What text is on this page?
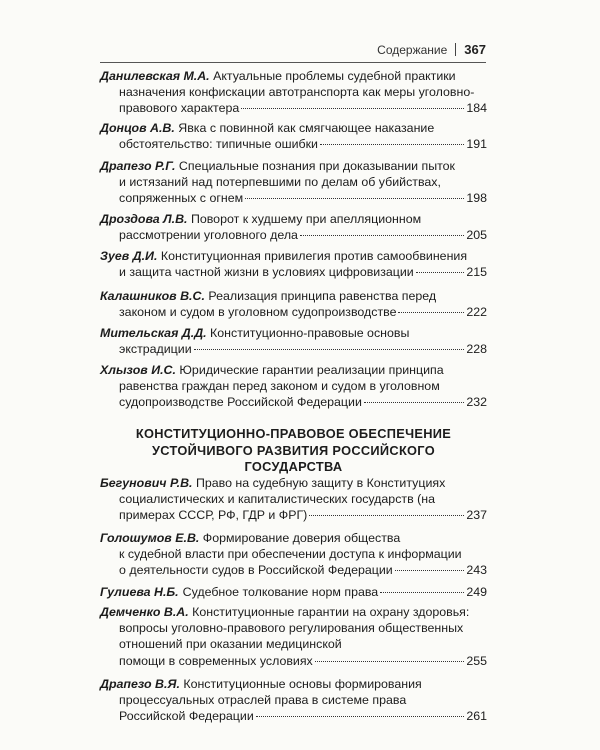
Содержание 367
Данилевская М.А. Актуальные проблемы судебной практики
назначения конфискации автотранспорта как меры уголовно-
правового характера	184
Донцов А.В. Явка с повинной как смягчающее наказание
обстоятельство: типичные ошибки	191
Драпезо Р.Г. Специальные познания при доказывании пыток
и истязаний над потерпевшими по делам об убийствах,
сопряженных с огнем	198
Дроздова Л.В. Поворот к худшему при апелляционном
рассмотрении уголовного дела	205
Зуев Д.И. Конституционная привилегия против самообвинения
и защита частной жизни в условиях цифровизации	215
Калашников В.С. Реализация принципа равенства перед
законом и судом в уголовном судопроизводстве	222
Мительская Д.Д. Конституционно-правовые основы
экстрадиции	228
Хлызов И.С. Юридические гарантии реализации принципа
равенства граждан перед законом и судом в уголовном
судопроизводстве Российской Федерации	232
КОНСТИТУЦИОННО-ПРАВОВОЕ ОБЕСПЕЧЕНИЕ
УСТОЙЧИВОГО РАЗВИТИЯ РОССИЙСКОГО
ГОСУДАРСТВА
Бегунович Р.В. Право на судебную защиту в Конституциях
социалистических и капиталистических государств (на
примерах СССР, РФ, ГДР и ФРГ)	237
Голошумов Е.В. Формирование доверия общества
к судебной власти при обеспечении доступа к информации
о деятельности судов в Российской Федерации	243
Гулиева Н.Б. Судебное толкование норм права	249
Демченко В.А. Конституционные гарантии на охрану здоровья:
вопросы уголовно-правового регулирования общественных
отношений при оказании медицинской
помощи в современных условиях	255
Драпезо В.Я. Конституционные основы формирования
процессуальных отраслей права в системе права
Российской Федерации	261
